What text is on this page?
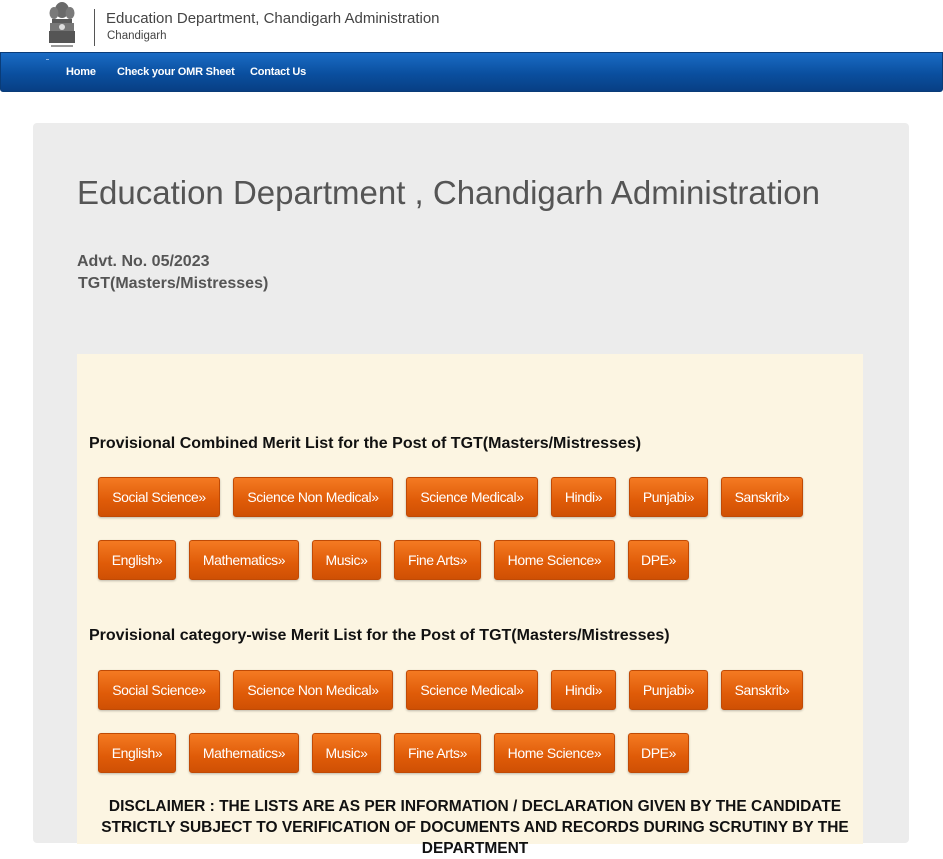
Education Department, Chandigarh Administration
Chandigarh
Home Check your OMR Sheet Contact Us
Education Department , Chandigarh Administration
Advt. No. 05/2023
TGT(Masters/Mistresses)
Provisional Combined Merit List for the Post of TGT(Masters/Mistresses)
Social Science»	Science Non Medical»	Science Medical»	Hindi»	Punjabi»	Sanskrit»
English»	Mathematics»	Music»	Fine Arts»	Home Science»	DPE»
Provisional category-wise Merit List for the Post of TGT(Masters/Mistresses)
Social Science»	Science Non Medical»	Science Medical»	Hindi»	Punjabi»	Sanskrit»
English»	Mathematics»	Music»	Fine Arts»	Home Science»	DPE»
DISCLAIMER : THE LISTS ARE AS PER INFORMATION / DECLARATION GIVEN BY THE CANDIDATE STRICTLY SUBJECT TO VERIFICATION OF DOCUMENTS AND RECORDS DURING SCRUTINY BY THE DEPARTMENT
